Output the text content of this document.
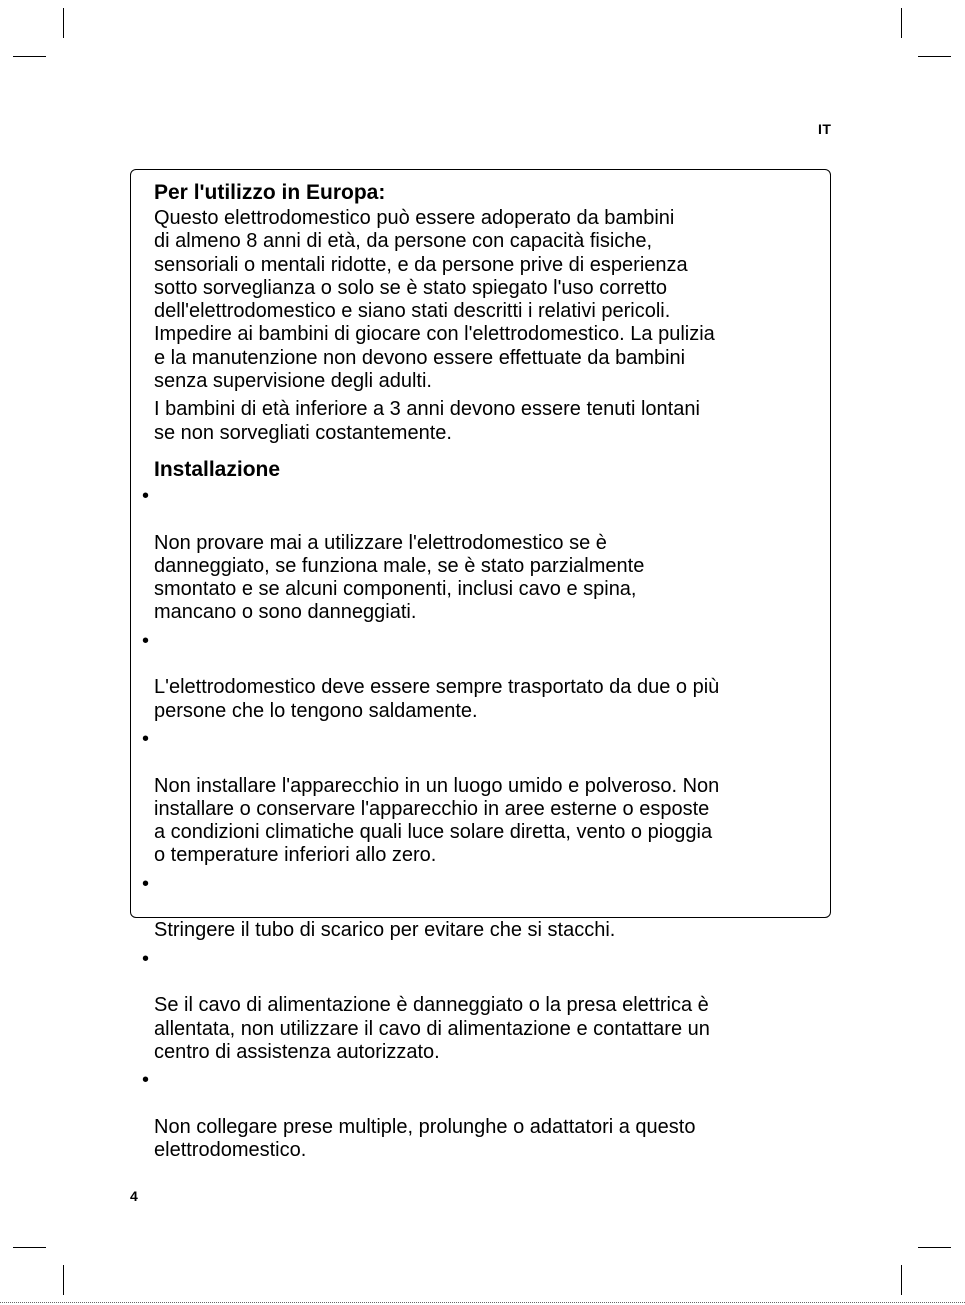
IT
Per l'utilizzo in Europa:

Questo elettrodomestico può essere adoperato da bambini
di almeno 8 anni di età, da persone con capacità fisiche,
sensoriali o mentali ridotte, e da persone prive di esperienza
sotto sorveglianza o solo se è stato spiegato l'uso corretto
dell'elettrodomestico e siano stati descritti i relativi pericoli.
Impedire ai bambini di giocare con l'elettrodomestico. La pulizia
e la manutenzione non devono essere effettuate da bambini
senza supervisione degli adulti.

I bambini di età inferiore a 3 anni devono essere tenuti lontani
se non sorvegliati costantemente.

Installazione

•

Non provare mai a utilizzare l'elettrodomestico se è
danneggiato, se funziona male, se è stato parzialmente
smontato e se alcuni componenti, inclusi cavo e spina,
mancano o sono danneggiati.

•

L'elettrodomestico deve essere sempre trasportato da due o più
persone che lo tengono saldamente.

•

Non installare l'apparecchio in un luogo umido e polveroso. Non
installare o conservare l'apparecchio in aree esterne o esposte
a condizioni climatiche quali luce solare diretta, vento o pioggia
o temperature inferiori allo zero.

•

Stringere il tubo di scarico per evitare che si stacchi.

•

Se il cavo di alimentazione è danneggiato o la presa elettrica è
allentata, non utilizzare il cavo di alimentazione e contattare un
centro di assistenza autorizzato.

•

Non collegare prese multiple, prolunghe o adattatori a questo
elettrodomestico.

4
